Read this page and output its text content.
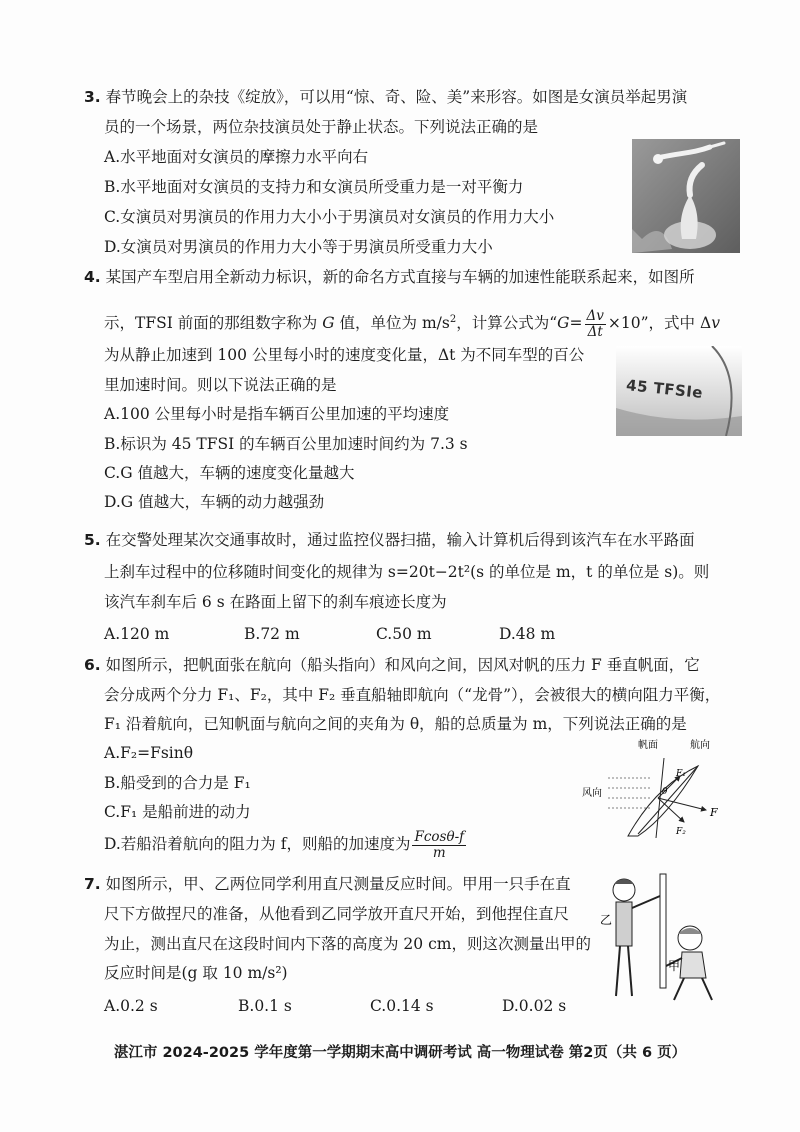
3. 春节晚会上的杂技《绽放》，可以用“惊、奇、险、美”来形容。如图是女演员举起男演
员的一个场景，两位杂技演员处于静止状态。下列说法正确的是
A.水平地面对女演员的摩擦力水平向右
B.水平地面对女演员的支持力和女演员所受重力是一对平衡力
C.女演员对男演员的作用力大小小于男演员对女演员的作用力大小
D.女演员对男演员的作用力大小等于男演员所受重力大小
4. 某国产车型启用全新动力标识，新的命名方式直接与车辆的加速性能联系起来，如图所
示，TFSI 前面的那组数字称为 G 值，单位为 $m/s^2$，计算公式为“$G= \frac{\Delta v}{\Delta t} \times 10$”，式中 Δv
为从静止加速到 100 公里每小时的速度变化量，Δt 为不同车型的百公
里加速时间。则以下说法正确的是
A.100 公里每小时是指车辆百公里加速的平均速度
B.标识为 45 TFSI 的车辆百公里加速时间约为 7.3 s
C.G 值越大，车辆的速度变化量越大
D.G 值越大，车辆的动力越强劲
45 TFSIe
5. 在交警处理某次交通事故时，通过监控仪器扫描，输入计算机后得到该汽车在水平路面
上刹车过程中的位移随时间变化的规律为 s=20t−2t²(s 的单位是 m，t 的单位是 s)。则
该汽车刹车后 6 s 在路面上留下的刹车痕迹长度为
A.120 m	B.72 m	C.50 m	D.48 m
6. 如图所示，把帆面张在航向（船头指向）和风向之间，因风对帆的压力 F 垂直帆面，它
会分成两个分力 F₁、F₂，其中 F₂ 垂直船轴即航向（“龙骨”），会被很大的横向阻力平衡，
F₁ 沿着航向，已知帆面与航向之间的夹角为 θ，船的总质量为 m，下列说法正确的是
A.F₂=Fsinθ
B.船受到的合力是 F₁
C.F₁ 是船前进的动力
D.若船沿着航向的阻力为 f，则船的加速度为 $\frac{Fcos\theta-f}{m}$
帆面	航向
风向
F
F₁
F₂
θ
7. 如图所示，甲、乙两位同学利用直尺测量反应时间。甲用一只手在直
尺下方做捏尺的准备，从他看到乙同学放开直尺开始，到他捏住直尺
为止，测出直尺在这段时间内下落的高度为 20 cm，则这次测量出甲的
反应时间是(g 取 10 m/s²)
A.0.2 s	B.0.1 s	C.0.14 s	D.0.02 s
乙
甲
湛江市 2024-2025 学年度第一学期期末高中调研考试 高一物理试卷 第2页（共 6 页）
